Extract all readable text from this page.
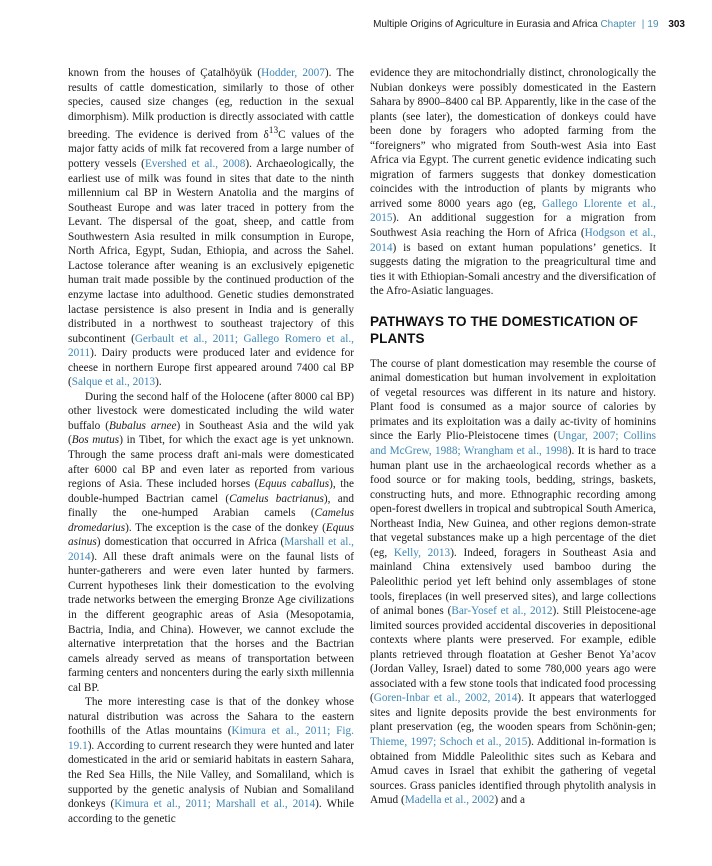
Multiple Origins of Agriculture in Eurasia and Africa Chapter | 19 303

known from the houses of Çatalhöyük (Hodder, 2007). The results of cattle domestication, similarly to those of other species, caused size changes (eg, reduction in the sexual dimorphism). Milk production is directly associated with cattle breeding. The evidence is derived from $\delta^{13}C$ values of the major fatty acids of milk fat recovered from a large number of pottery vessels (Evershed et al., 2008). Archaeologically, the earliest use of milk was found in sites that date to the ninth millennium cal BP in Western Anatolia and the margins of Southeast Europe and was later traced in pottery from the Levant. The dispersal of the goat, sheep, and cattle from Southwestern Asia resulted in milk consumption in Europe, North Africa, Egypt, Sudan, Ethiopia, and across the Sahel. Lactose tolerance after weaning is an exclusively epigenetic human trait made possible by the continued production of the enzyme lactase into adulthood. Genetic studies demonstrated lactase persistence is also present in India and is generally distributed in a northwest to southeast trajectory of this subcontinent (Gerbault et al., 2011; Gallego Romero et al., 2011). Dairy products were produced later and evidence for cheese in northern Europe first appeared around 7400 cal BP (Salque et al., 2013).

During the second half of the Holocene (after 8000 cal BP) other livestock were domesticated including the wild water buffalo (Bubalus arnee) in Southeast Asia and the wild yak (Bos mutus) in Tibet, for which the exact age is yet unknown. Through the same process draft ani-mals were domesticated after 6000 cal BP and even later as reported from various regions of Asia. These included horses (Equus caballus), the double-humped Bactrian camel (Camelus bactrianus), and finally the one-humped Arabian camels (Camelus dromedarius). The exception is the case of the donkey (Equus asinus) domestication that occurred in Africa (Marshall et al., 2014). All these draft animals were on the faunal lists of hunter-gatherers and were even later hunted by farmers. Current hypotheses link their domestication to the evolving trade networks between the emerging Bronze Age civilizations in the different geographic areas of Asia (Mesopotamia, Bactria, India, and China). However, we cannot exclude the alternative interpretation that the horses and the Bactrian camels already served as means of transportation between farming centers and noncenters during the early sixth millennia cal BP.

The more interesting case is that of the donkey whose natural distribution was across the Sahara to the eastern foothills of the Atlas mountains (Kimura et al., 2011; Fig. 19.1). According to current research they were hunted and later domesticated in the arid or semiarid habitats in eastern Sahara, the Red Sea Hills, the Nile Valley, and Somaliland, which is supported by the genetic analysis of Nubian and Somaliland donkeys (Kimura et al., 2011; Marshall et al., 2014). While according to the genetic

evidence they are mitochondrially distinct, chronologically the Nubian donkeys were possibly domesticated in the Eastern Sahara by 8900–8400 cal BP. Apparently, like in the case of the plants (see later), the domestication of donkeys could have been done by foragers who adopted farming from the “foreigners” who migrated from South-west Asia into East Africa via Egypt. The current genetic evidence indicating such migration of farmers suggests that donkey domestication coincides with the introduction of plants by migrants who arrived some 8000 years ago (eg, Gallego Llorente et al., 2015). An additional suggestion for a migration from Southwest Asia reaching the Horn of Africa (Hodgson et al., 2014) is based on extant human populations’ genetics. It suggests dating the migration to the preagricultural time and ties it with Ethiopian-Somali ancestry and the diversification of the Afro-Asiatic languages.

PATHWAYS TO THE DOMESTICATION OF PLANTS

The course of plant domestication may resemble the course of animal domestication but human involvement in exploitation of vegetal resources was different in its nature and history. Plant food is consumed as a major source of calories by primates and its exploitation was a daily ac-tivity of hominins since the Early Plio-Pleistocene times (Ungar, 2007; Collins and McGrew, 1988; Wrangham et al., 1998). It is hard to trace human plant use in the archaeological records whether as a food source or for making tools, bedding, strings, baskets, constructing huts, and more. Ethnographic recording among open-forest dwellers in tropical and subtropical South America, Northeast India, New Guinea, and other regions demon-strate that vegetal substances make up a high percentage of the diet (eg, Kelly, 2013). Indeed, foragers in Southeast Asia and mainland China extensively used bamboo during the Paleolithic period yet left behind only assemblages of stone tools, fireplaces (in well preserved sites), and large collections of animal bones (Bar-Yosef et al., 2012). Still Pleistocene-age limited sources provided accidental discoveries in depositional contexts where plants were preserved. For example, edible plants retrieved through floatation at Gesher Benot Ya’acov (Jordan Valley, Israel) dated to some 780,000 years ago were associated with a few stone tools that indicated food processing (Goren-Inbar et al., 2002, 2014). It appears that waterlogged sites and lignite deposits provide the best environments for plant preservation (eg, the wooden spears from Schönin-gen; Thieme, 1997; Schoch et al., 2015). Additional in-formation is obtained from Middle Paleolithic sites such as Kebara and Amud caves in Israel that exhibit the gathering of vegetal sources. Grass panicles identified through phytolith analysis in Amud (Madella et al., 2002) and a
